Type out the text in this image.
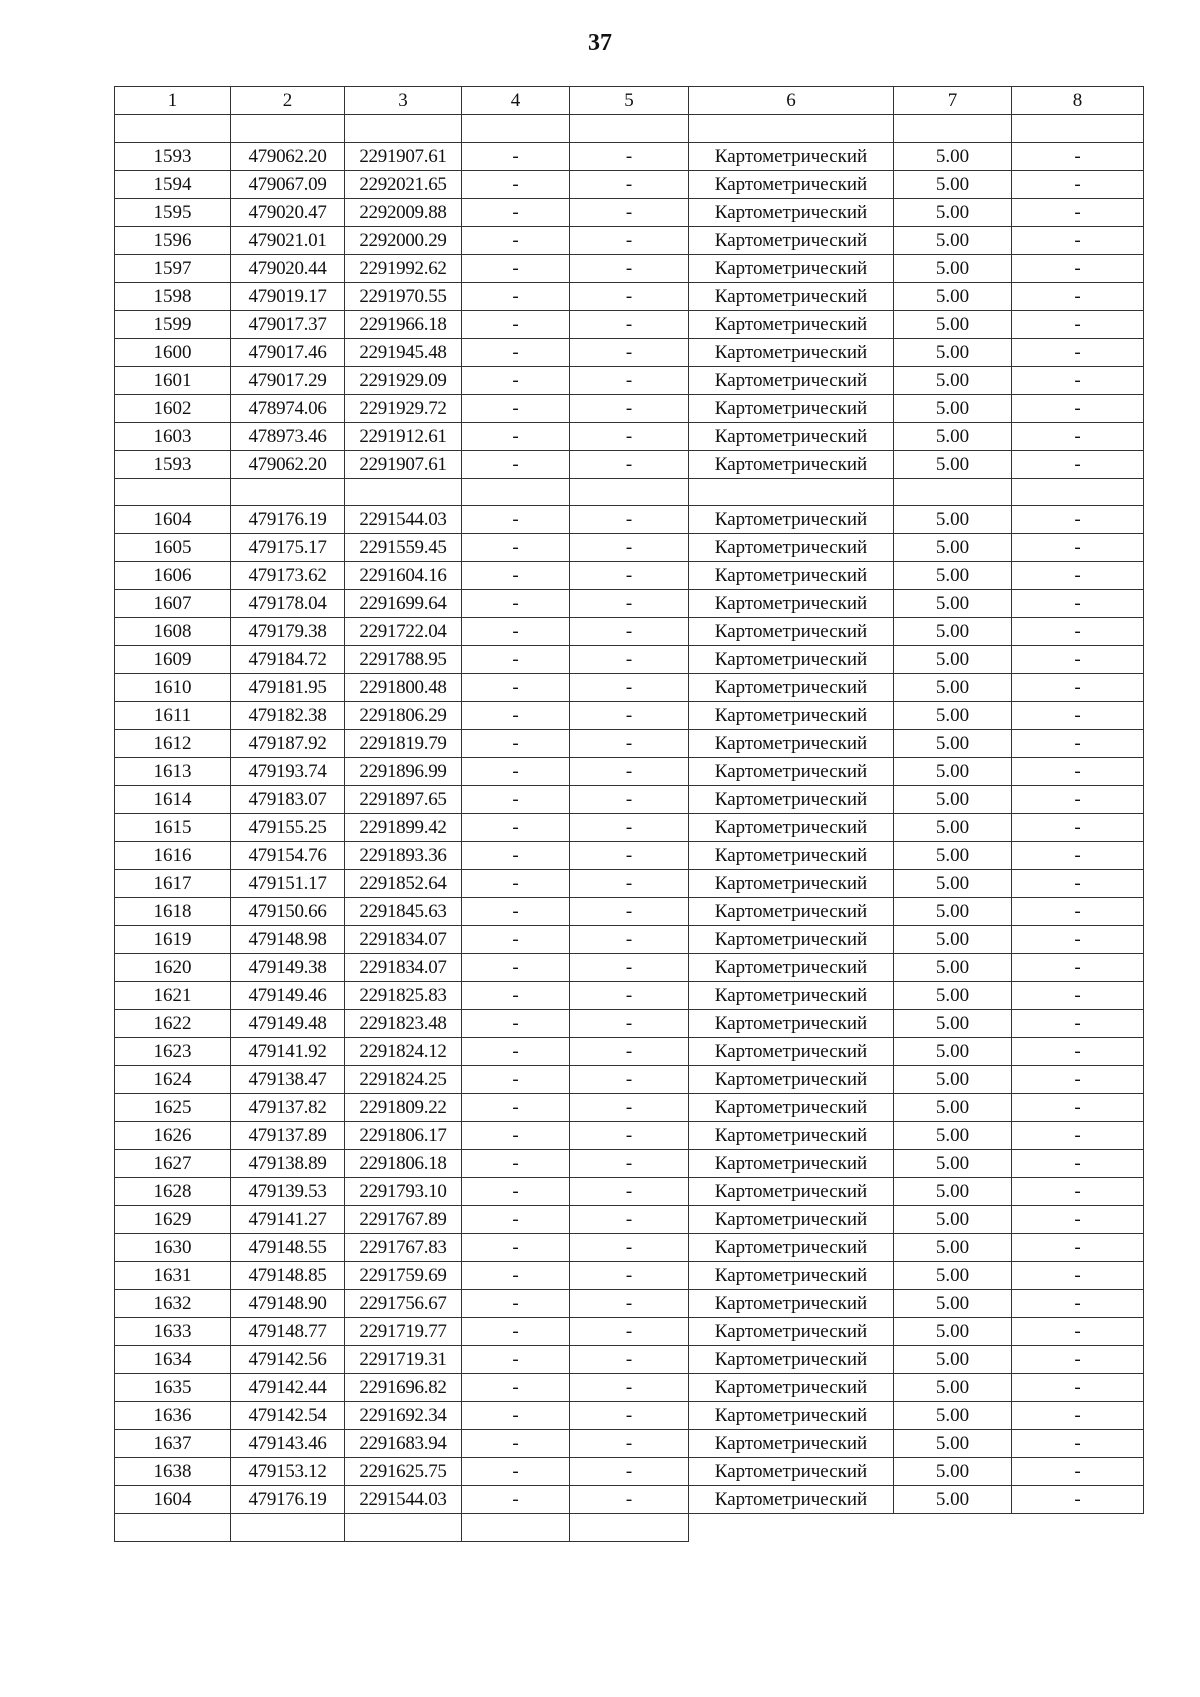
37
1	2	3	4	5	6	7	8

1593	479062.20	2291907.61	-	-	Картометрический	5.00	-
1594	479067.09	2292021.65	-	-	Картометрический	5.00	-
1595	479020.47	2292009.88	-	-	Картометрический	5.00	-
1596	479021.01	2292000.29	-	-	Картометрический	5.00	-
1597	479020.44	2291992.62	-	-	Картометрический	5.00	-
1598	479019.17	2291970.55	-	-	Картометрический	5.00	-
1599	479017.37	2291966.18	-	-	Картометрический	5.00	-
1600	479017.46	2291945.48	-	-	Картометрический	5.00	-
1601	479017.29	2291929.09	-	-	Картометрический	5.00	-
1602	478974.06	2291929.72	-	-	Картометрический	5.00	-
1603	478973.46	2291912.61	-	-	Картометрический	5.00	-
1593	479062.20	2291907.61	-	-	Картометрический	5.00	-

1604	479176.19	2291544.03	-	-	Картометрический	5.00	-
1605	479175.17	2291559.45	-	-	Картометрический	5.00	-
1606	479173.62	2291604.16	-	-	Картометрический	5.00	-
1607	479178.04	2291699.64	-	-	Картометрический	5.00	-
1608	479179.38	2291722.04	-	-	Картометрический	5.00	-
1609	479184.72	2291788.95	-	-	Картометрический	5.00	-
1610	479181.95	2291800.48	-	-	Картометрический	5.00	-
1611	479182.38	2291806.29	-	-	Картометрический	5.00	-
1612	479187.92	2291819.79	-	-	Картометрический	5.00	-
1613	479193.74	2291896.99	-	-	Картометрический	5.00	-
1614	479183.07	2291897.65	-	-	Картометрический	5.00	-
1615	479155.25	2291899.42	-	-	Картометрический	5.00	-
1616	479154.76	2291893.36	-	-	Картометрический	5.00	-
1617	479151.17	2291852.64	-	-	Картометрический	5.00	-
1618	479150.66	2291845.63	-	-	Картометрический	5.00	-
1619	479148.98	2291834.07	-	-	Картометрический	5.00	-
1620	479149.38	2291834.07	-	-	Картометрический	5.00	-
1621	479149.46	2291825.83	-	-	Картометрический	5.00	-
1622	479149.48	2291823.48	-	-	Картометрический	5.00	-
1623	479141.92	2291824.12	-	-	Картометрический	5.00	-
1624	479138.47	2291824.25	-	-	Картометрический	5.00	-
1625	479137.82	2291809.22	-	-	Картометрический	5.00	-
1626	479137.89	2291806.17	-	-	Картометрический	5.00	-
1627	479138.89	2291806.18	-	-	Картометрический	5.00	-
1628	479139.53	2291793.10	-	-	Картометрический	5.00	-
1629	479141.27	2291767.89	-	-	Картометрический	5.00	-
1630	479148.55	2291767.83	-	-	Картометрический	5.00	-
1631	479148.85	2291759.69	-	-	Картометрический	5.00	-
1632	479148.90	2291756.67	-	-	Картометрический	5.00	-
1633	479148.77	2291719.77	-	-	Картометрический	5.00	-
1634	479142.56	2291719.31	-	-	Картометрический	5.00	-
1635	479142.44	2291696.82	-	-	Картометрический	5.00	-
1636	479142.54	2291692.34	-	-	Картометрический	5.00	-
1637	479143.46	2291683.94	-	-	Картометрический	5.00	-
1638	479153.12	2291625.75	-	-	Картометрический	5.00	-
1604	479176.19	2291544.03	-	-	Картометрический	5.00	-
